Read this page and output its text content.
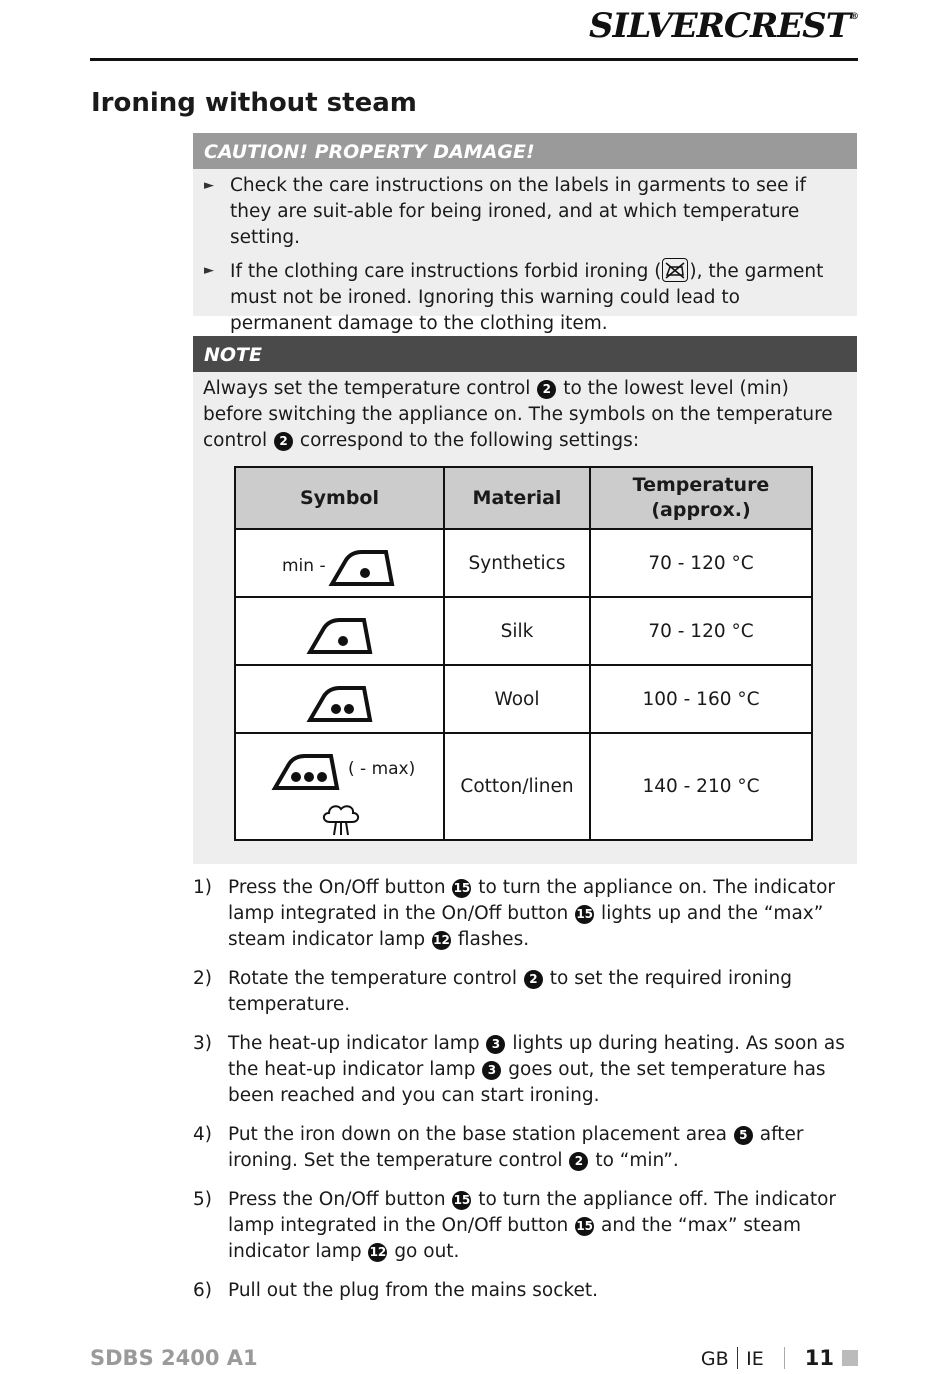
SILVERCREST®
Ironing without steam
CAUTION! PROPERTY DAMAGE!
► Check the care instructions on the labels in garments to see if they are suit-able for being ironed, and at which temperature setting.
► If the clothing care instructions forbid ironing ( ), the garment must not be ironed. Ignoring this warning could lead to permanent damage to the clothing item.
NOTE

Always set the temperature control 2 to the lowest level (min) before switching the appliance on. The symbols on the temperature control 2 correspond to the following settings:

Symbol	Material	Temperature (approx.)

min -	Synthetics	70 - 120 °C

	Silk	70 - 120 °C

	Wool	100 - 160 °C

( - max)	Cotton/linen	140 - 210 °C
1) Press the On/Off button 15 to turn the appliance on. The indicator lamp integrated in the On/Off button 15 lights up and the “max” steam indicator lamp 12 flashes.
2) Rotate the temperature control 2 to set the required ironing temperature.
3) The heat-up indicator lamp 3 lights up during heating. As soon as the heat-up indicator lamp 3 goes out, the set temperature has been reached and you can start ironing.
4) Put the iron down on the base station placement area 5 after ironing. Set the temperature control 2 to “min”.
5) Press the On/Off button 15 to turn the appliance off. The indicator lamp integrated in the On/Off button 15 and the “max” steam indicator lamp 12 go out.
6) Pull out the plug from the mains socket.
SDBS 2400 A1	GB IE 11
